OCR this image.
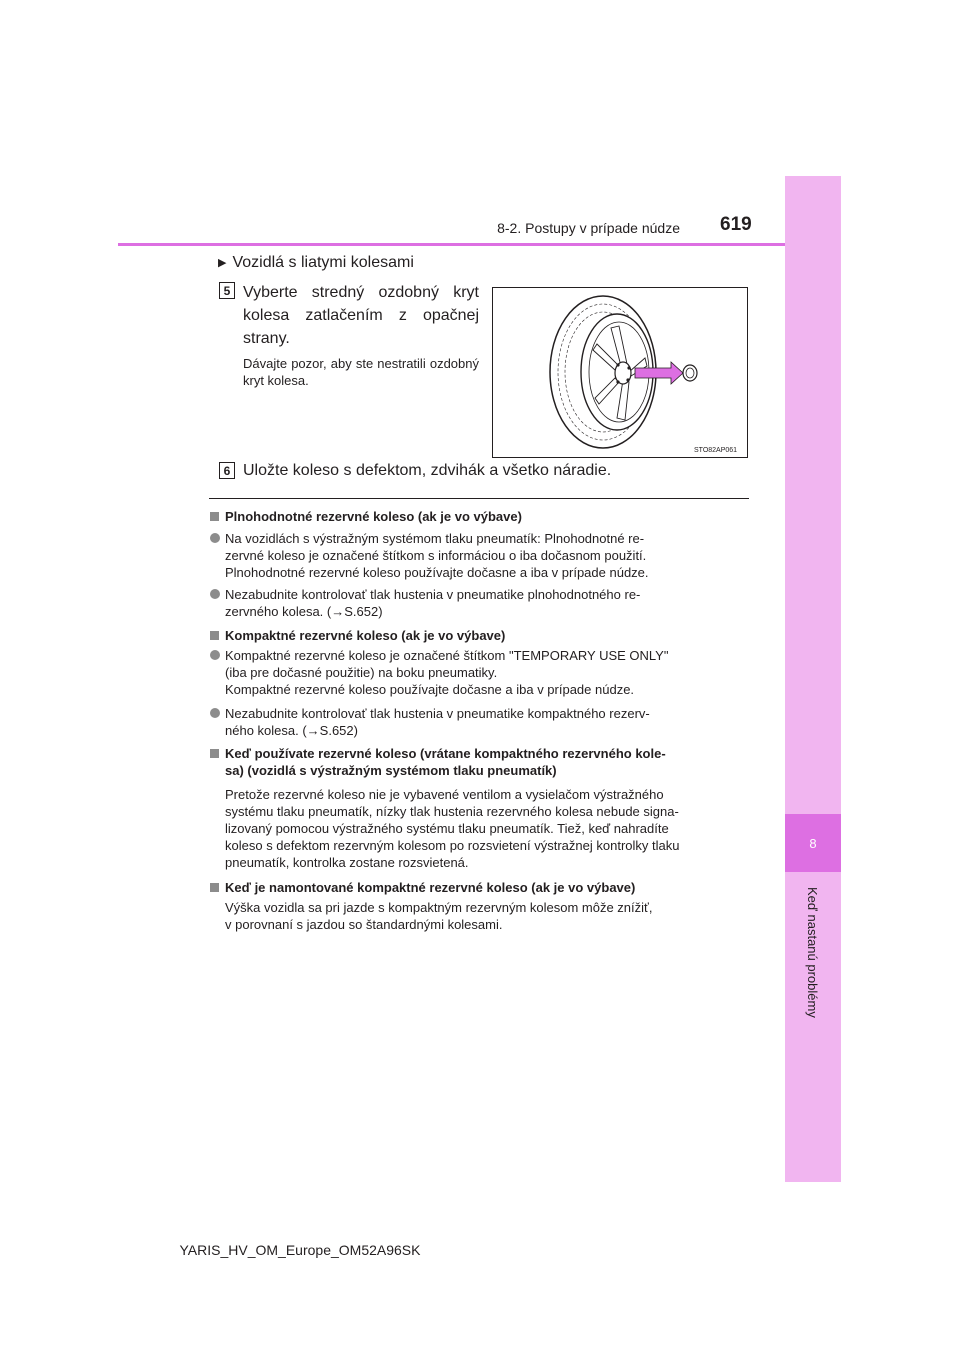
8
Keď nastanú problémy
8-2. Postupy v prípade núdze 619
▶ Vozidlá s liatymi kolesami
5 Vyberte stredný ozdobný kryt kolesa zatlačením z opačnej strany.
Dávajte pozor, aby ste nestratili ozdobný kryt kolesa.
STO82AP061
6 Uložte koleso s defektom, zdvihák a všetko náradie.
Plnohodnotné rezervné koleso (ak je vo výbave)
Na vozidlách s výstražným systémom tlaku pneumatík: Plnohodnotné re-
zervné koleso je označené štítkom s informáciou o iba dočasnom použití.
Plnohodnotné rezervné koleso používajte dočasne a iba v prípade núdze.
Nezabudnite kontrolovať tlak hustenia v pneumatike plnohodnotného re-
zervného kolesa. (→S.652)
Kompaktné rezervné koleso (ak je vo výbave)
Kompaktné rezervné koleso je označené štítkom "TEMPORARY USE ONLY"
(iba pre dočasné použitie) na boku pneumatiky.
Kompaktné rezervné koleso používajte dočasne a iba v prípade núdze.
Nezabudnite kontrolovať tlak hustenia v pneumatike kompaktného rezerv-
ného kolesa. (→S.652)
Keď používate rezervné koleso (vrátane kompaktného rezervného kole-
sa) (vozidlá s výstražným systémom tlaku pneumatík)
Pretože rezervné koleso nie je vybavené ventilom a vysielačom výstražného
systému tlaku pneumatík, nízky tlak hustenia rezervného kolesa nebude signa-
lizovaný pomocou výstražného systému tlaku pneumatík. Tiež, keď nahradíte
koleso s defektom rezervným kolesom po rozsvietení výstražnej kontrolky tlaku
pneumatík, kontrolka zostane rozsvietená.
Keď je namontované kompaktné rezervné koleso (ak je vo výbave)
Výška vozidla sa pri jazde s kompaktným rezervným kolesom môže znížiť,
v porovnaní s jazdou so štandardnými kolesami.
YARIS_HV_OM_Europe_OM52A96SK
